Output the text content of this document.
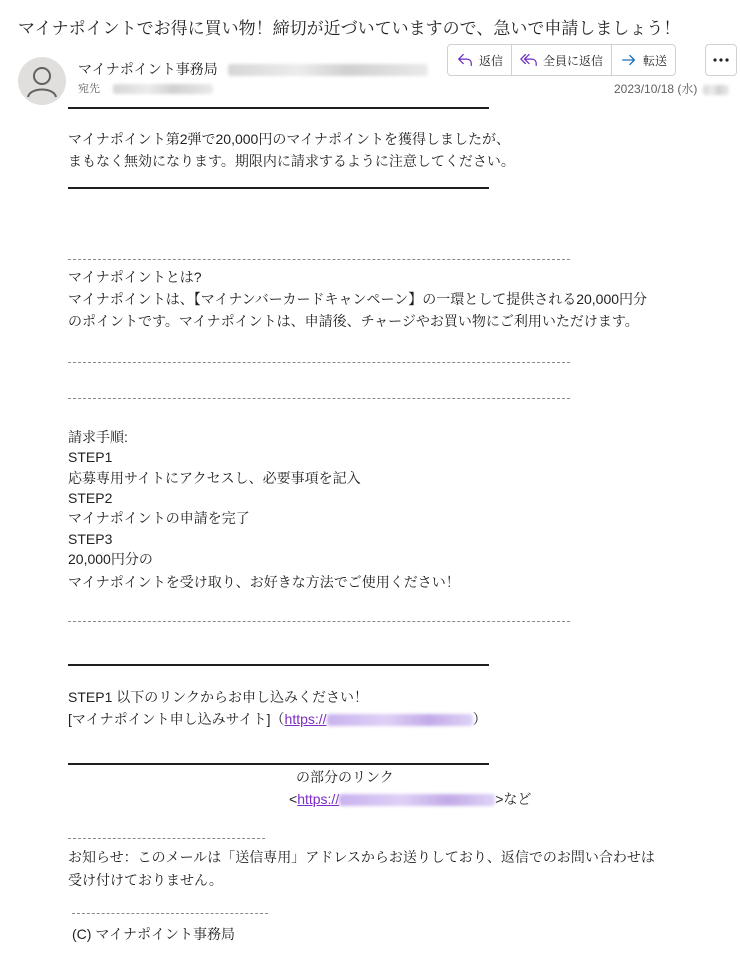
マイナポイントでお得に買い物！締切が近づいていますので、急いで申請しましょう！
マイナポイント事務局
宛先
返信	全員に返信	転送
2023/10/18 (水)
マイナポイント第2弾で20,000円のマイナポイントを獲得しましたが、
まもなく無効になります。期限内に請求するように注意してください。
マイナポイントとは?
マイナポイントは、【マイナンバーカードキャンペーン】の一環として提供される20,000円分
のポイントです。マイナポイントは、申請後、チャージやお買い物にご利用いただけます。
請求手順:
STEP1
応募専用サイトにアクセスし、必要事項を記入
STEP2
マイナポイントの申請を完了
STEP3
20,000円分の
マイナポイントを受け取り、お好きな方法でご使用ください！
STEP1 以下のリンクからお申し込みください！
[マイナポイント申し込みサイト]（https://	）
の部分のリンク
<https://	>など
お知らせ：このメールは「送信専用」アドレスからお送りしており、返信でのお問い合わせは
受け付けておりません。
(C) マイナポイント事務局
